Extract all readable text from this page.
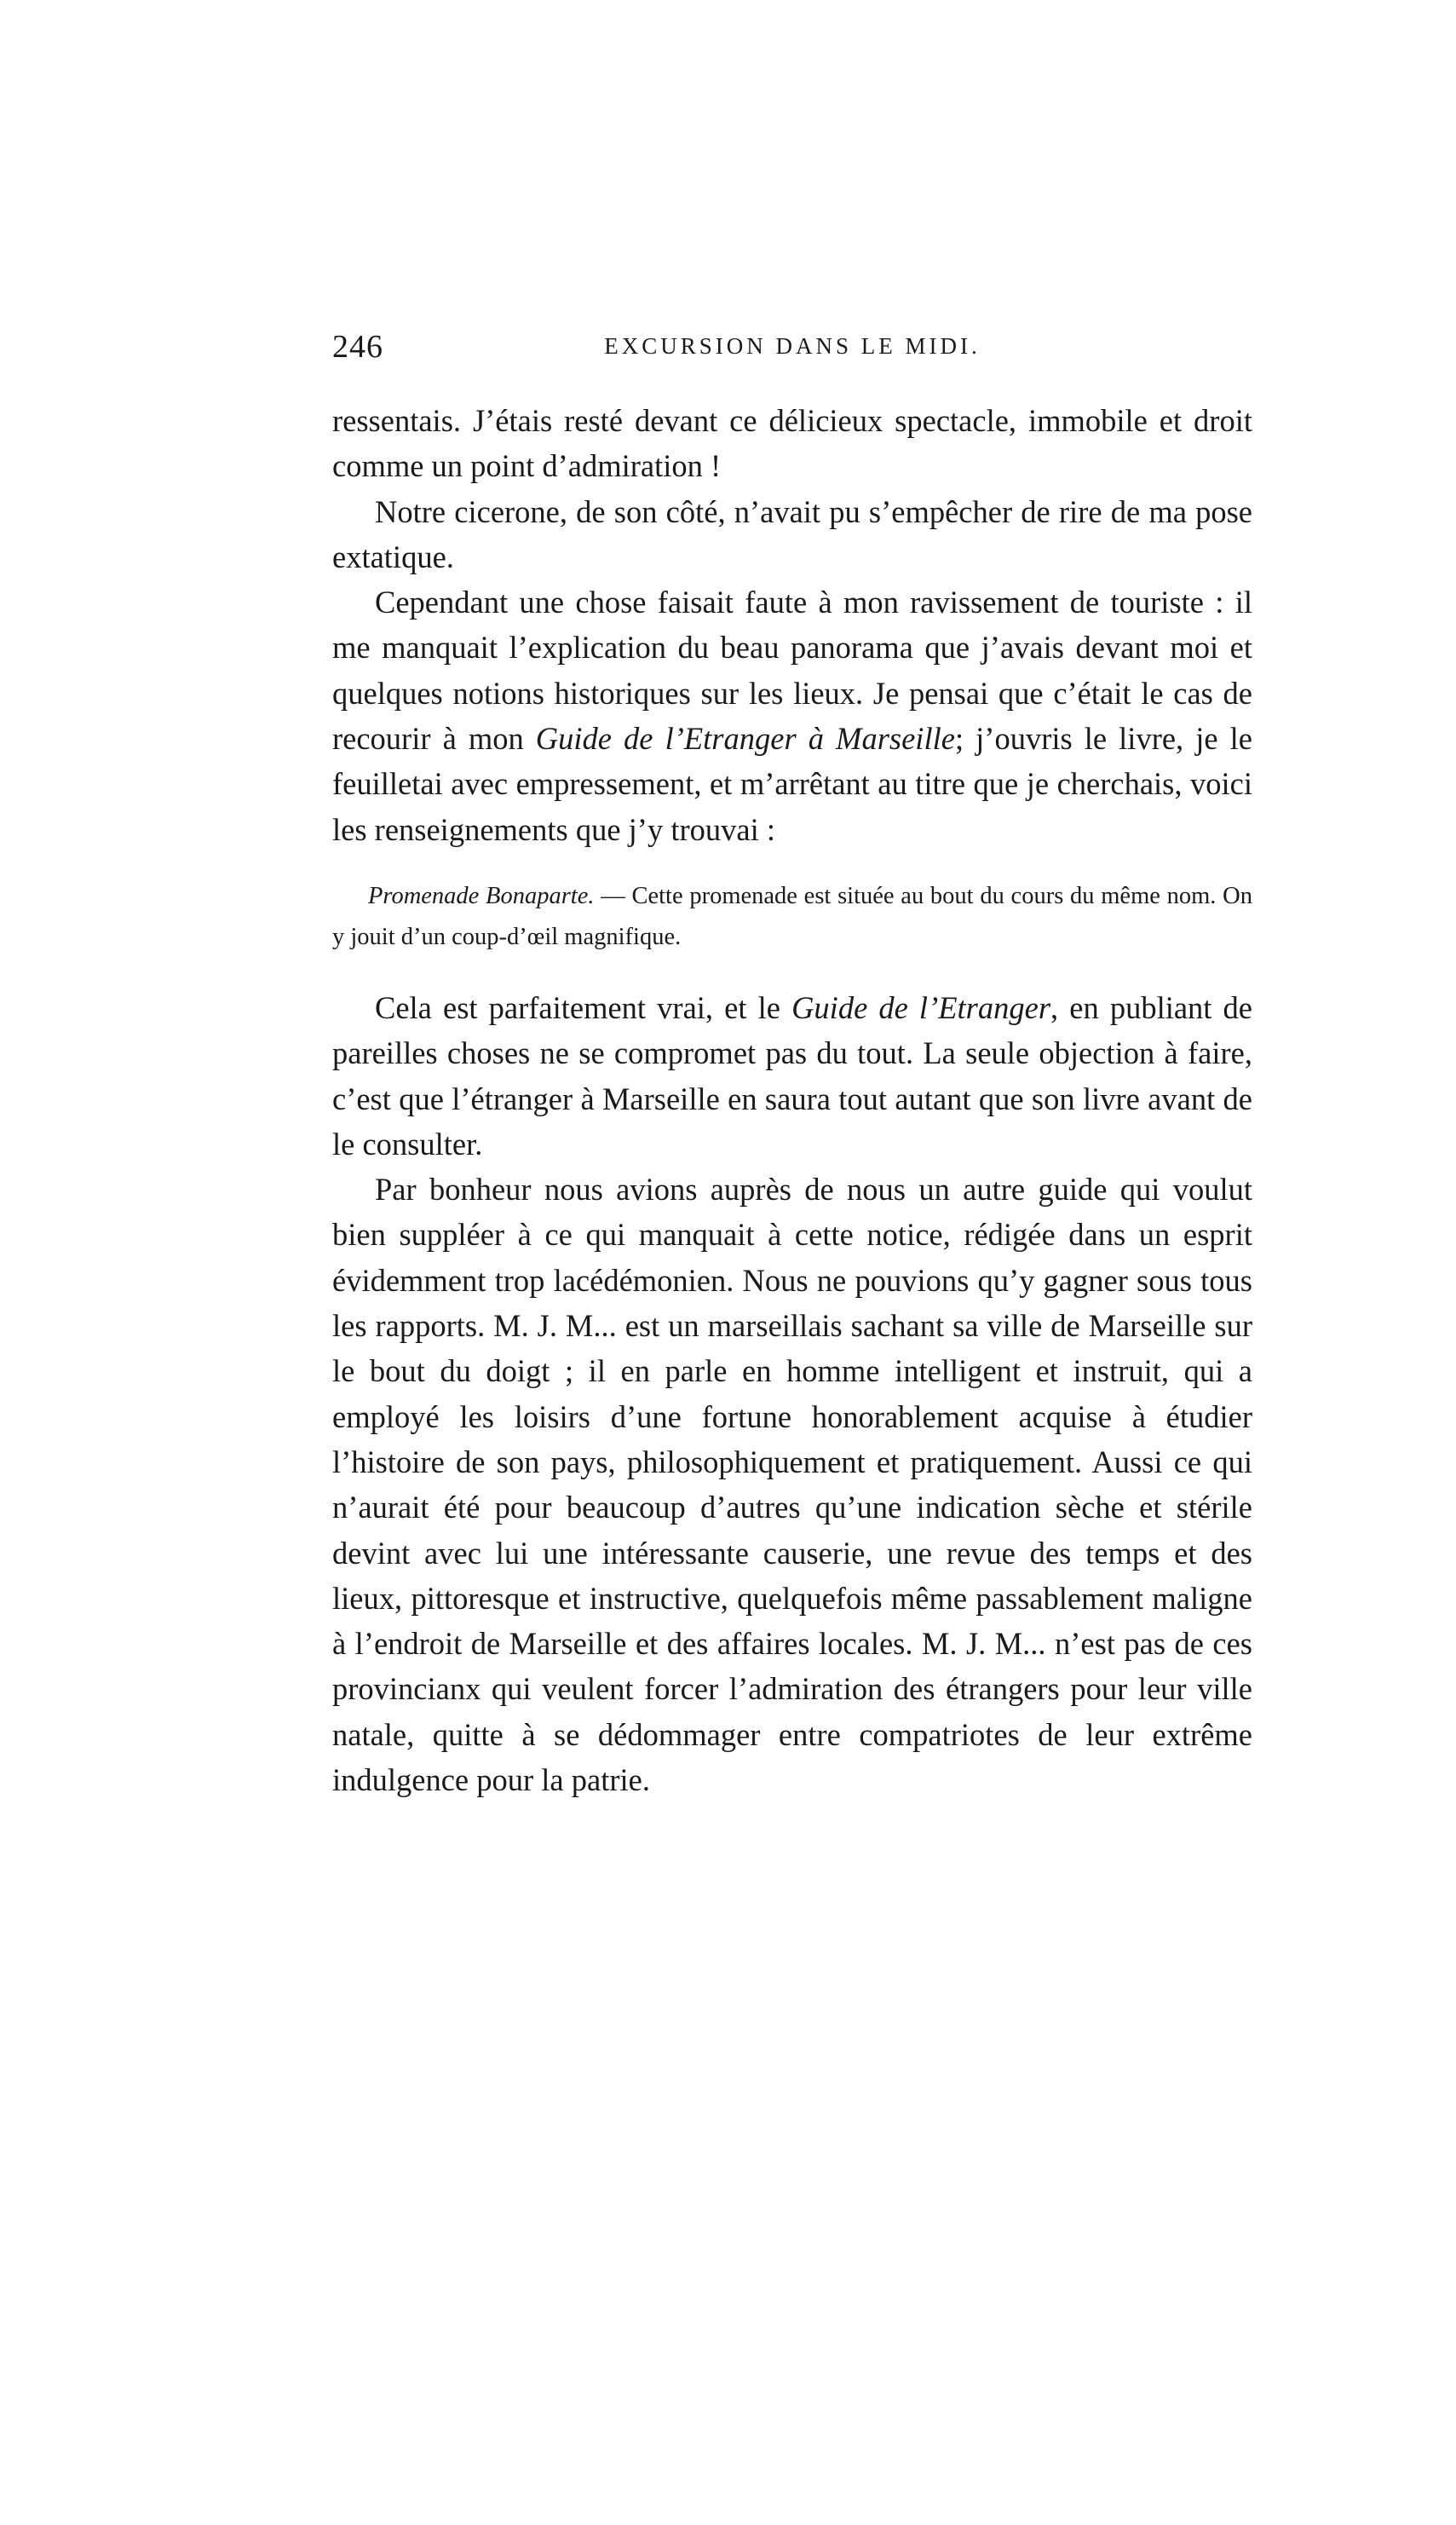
246	EXCURSION DANS LE MIDI.

ressentais. J’étais resté devant ce délicieux spectacle, immobile et droit comme un point d’admiration !

Notre cicerone, de son côté, n’avait pu s’empêcher de rire de ma pose extatique.

Cependant une chose faisait faute à mon ravissement de touriste : il me manquait l’explication du beau panorama que j’avais devant moi et quelques notions historiques sur les lieux. Je pensai que c’était le cas de recourir à mon Guide de l’Etranger à Marseille; j’ouvris le livre, je le feuilletai avec empressement, et m’arrêtant au titre que je cherchais, voici les renseignements que j’y trouvai :

Promenade Bonaparte. — Cette promenade est située au bout du cours du même nom. On y jouit d’un coup-d’œil magnifique.

Cela est parfaitement vrai, et le Guide de l’Etranger, en publiant de pareilles choses ne se compromet pas du tout. La seule objection à faire, c’est que l’étranger à Marseille en saura tout autant que son livre avant de le consulter.

Par bonheur nous avions auprès de nous un autre guide qui voulut bien suppléer à ce qui manquait à cette notice, rédigée dans un esprit évidemment trop lacédémonien. Nous ne pouvions qu’y gagner sous tous les rapports. M. J. M... est un marseillais sachant sa ville de Marseille sur le bout du doigt ; il en parle en homme intelligent et instruit, qui a employé les loisirs d’une fortune honorablement acquise à étudier l’histoire de son pays, philosophiquement et pratiquement. Aussi ce qui n’aurait été pour beaucoup d’autres qu’une indication sèche et stérile devint avec lui une intéressante causerie, une revue des temps et des lieux, pittoresque et instructive, quelquefois même passablement maligne à l’endroit de Marseille et des affaires locales. M. J. M... n’est pas de ces provincianx qui veulent forcer l’admiration des étrangers pour leur ville natale, quitte à se dédommager entre compatriotes de leur extrême indulgence pour la patrie.
